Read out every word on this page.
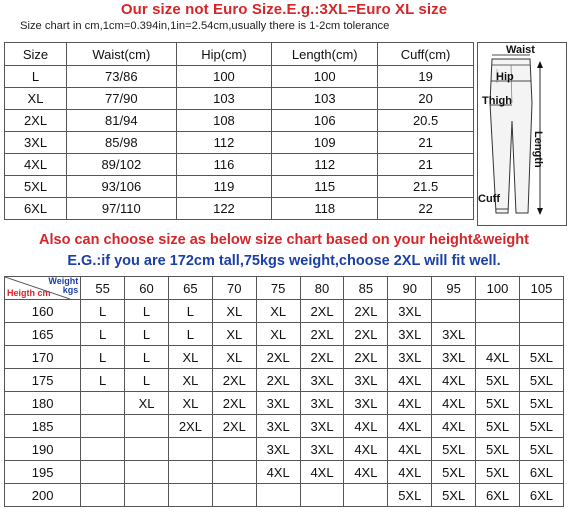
Our size not Euro Size.E.g.:3XL=Euro XL size
Size chart in cm,1cm=0.394in,1in=2.54cm,usually there is 1-2cm tolerance
Size	Waist(cm)	Hip(cm)	Length(cm)	Cuff(cm)
L	73/86	100	100	19
XL	77/90	103	103	20
2XL	81/94	108	106	20.5
3XL	85/98	112	109	21
4XL	89/102	116	112	21
5XL	93/106	119	115	21.5
6XL	97/110	122	118	22
Waist
Hip
Thigh
Length
Cuff
Also can choose size as below size chart based on your height&weight
E.G.:if you are 172cm tall,75kgs weight,choose 2XL will fit well.
Weight
kgs
Heigth cm	55	60	65	70	75	80	85	90	95	100	105
160	L	L	L	XL	XL	2XL	2XL	3XL			
165	L	L	L	XL	XL	2XL	2XL	3XL	3XL		
170	L	L	XL	XL	2XL	2XL	2XL	3XL	3XL	4XL	5XL
175	L	L	XL	2XL	2XL	3XL	3XL	4XL	4XL	5XL	5XL
180		XL	XL	2XL	3XL	3XL	3XL	4XL	4XL	5XL	5XL
185			2XL	2XL	3XL	3XL	4XL	4XL	4XL	5XL	5XL
190					3XL	3XL	4XL	4XL	5XL	5XL	5XL
195					4XL	4XL	4XL	4XL	5XL	5XL	6XL
200								5XL	5XL	6XL	6XL
